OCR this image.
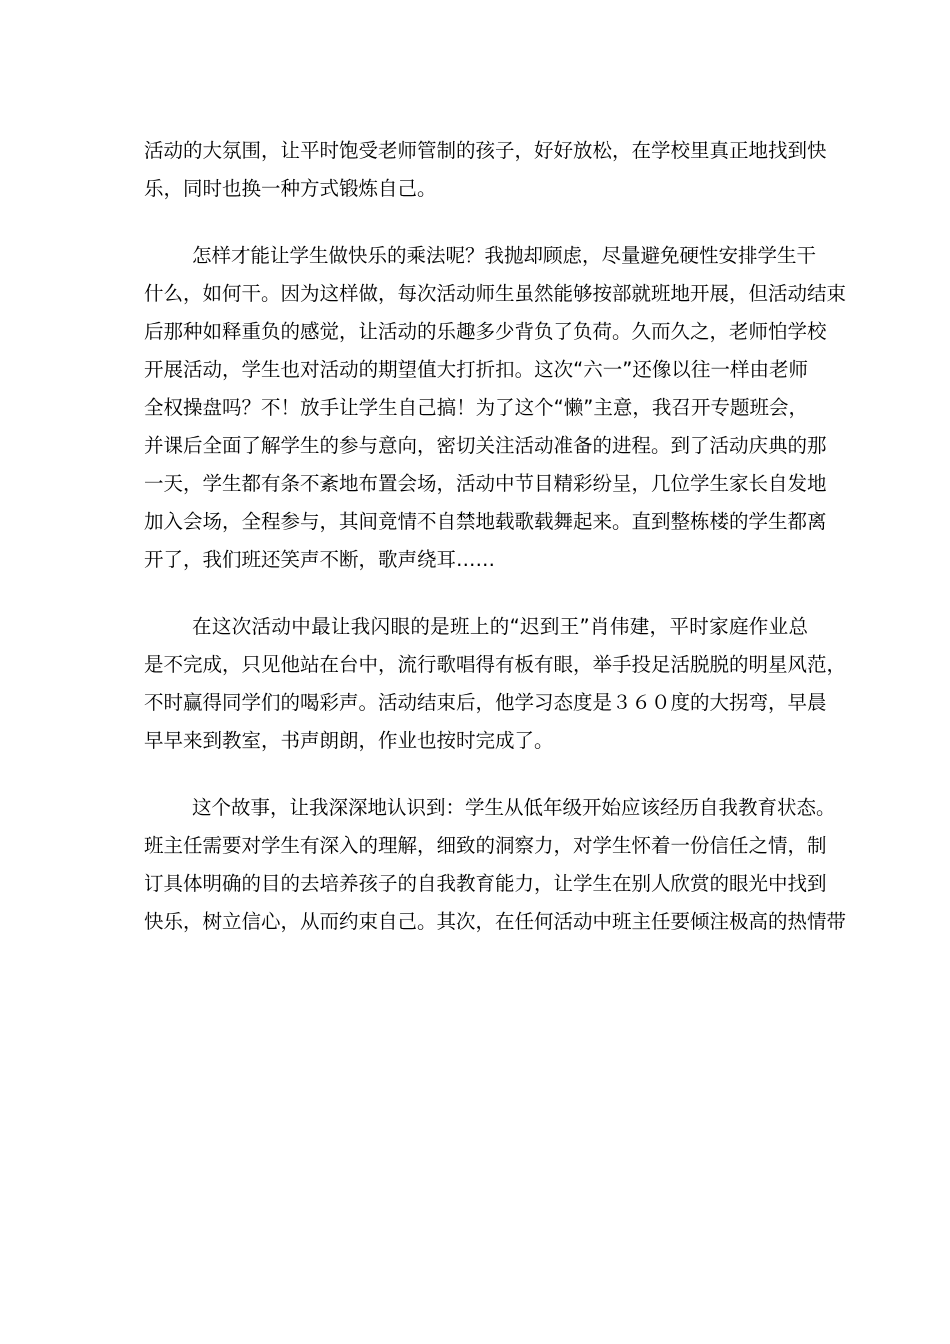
活动的大氛围，让平时饱受老师管制的孩子，好好放松，在学校里真正地找到快
乐，同时也换一种方式锻炼自己。
怎样才能让学生做快乐的乘法呢？我抛却顾虑，尽量避免硬性安排学生干
什么，如何干。因为这样做，每次活动师生虽然能够按部就班地开展，但活动结束
后那种如释重负的感觉，让活动的乐趣多少背负了负荷。久而久之，老师怕学校
开展活动，学生也对活动的期望值大打折扣。这次“六一”还像以往一样由老师
全权操盘吗？不！放手让学生自己搞！为了这个“懒”主意，我召开专题班会，
并课后全面了解学生的参与意向，密切关注活动准备的进程。到了活动庆典的那
一天，学生都有条不紊地布置会场，活动中节目精彩纷呈，几位学生家长自发地
加入会场，全程参与，其间竟情不自禁地载歌载舞起来。直到整栋楼的学生都离
开了，我们班还笑声不断，歌声绕耳……
在这次活动中最让我闪眼的是班上的“迟到王”肖伟建，平时家庭作业总
是不完成，只见他站在台中，流行歌唱得有板有眼，举手投足活脱脱的明星风范，
不时赢得同学们的喝彩声。活动结束后，他学习态度是３６０度的大拐弯，早晨
早早来到教室，书声朗朗，作业也按时完成了。
这个故事，让我深深地认识到：学生从低年级开始应该经历自我教育状态。
班主任需要对学生有深入的理解，细致的洞察力，对学生怀着一份信任之情，制
订具体明确的目的去培养孩子的自我教育能力，让学生在别人欣赏的眼光中找到
快乐，树立信心，从而约束自己。其次，在任何活动中班主任要倾注极高的热情带
